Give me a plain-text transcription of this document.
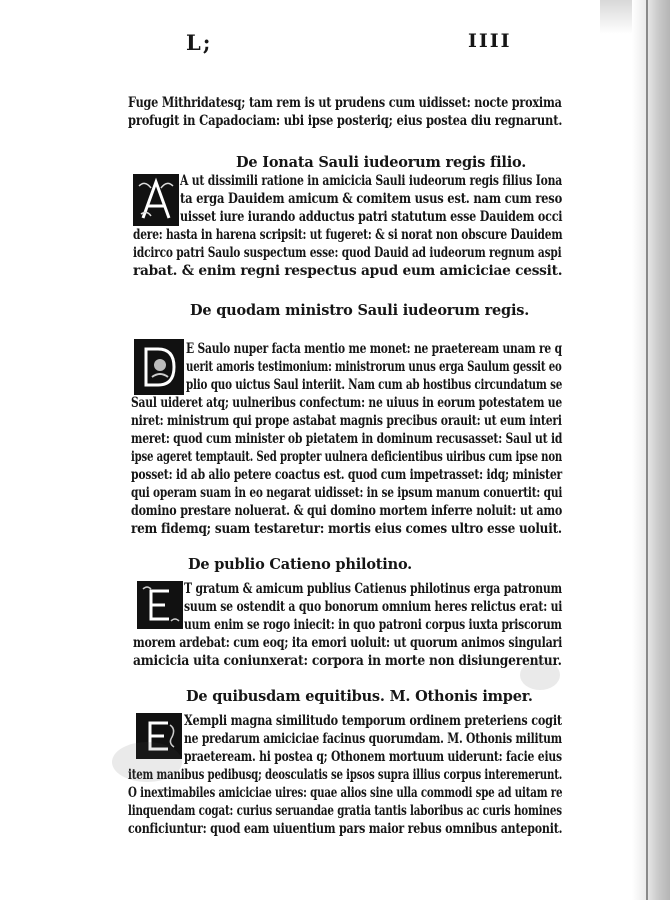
L;	IIII
Fuge Mithridatesq; tam rem is ut prudens cum uidisset: nocte proxima
profugit in Capadociam: ubi ipse posteriq; eius postea diu regnarunt.
De Ionata Sauli iudeorum regis filio.
A ut dissimili ratione in amicicia Sauli iudeorum regis filius Iona
ta erga Dauidem amicum & comitem usus est. nam cum reso
uisset iure iurando adductus patri statutum esse Dauidem occi
dere: hasta in harena scripsit: ut fugeret: & si norat non obscure Dauidem
idcirco patri Saulo suspectum esse: quod Dauid ad iudeorum regnum aspi
rabat. & enim regni respectus apud eum amiciciae cessit.
De quodam ministro Sauli iudeorum regis.
E Saulo nuper facta mentio me monet: ne praeteream unam re q
uerit amoris testimonium: ministrorum unus erga Saulum gessit eo
plio quo uictus Saul interiit. Nam cum ab hostibus circundatum se
Saul uideret atq; uulneribus confectum: ne uiuus in eorum potestatem ue
niret: ministrum qui prope astabat magnis precibus orauit: ut eum interi
meret: quod cum minister ob pietatem in dominum recusasset: Saul ut id
ipse ageret temptauit. Sed propter uulnera deficientibus uiribus cum ipse non
posset: id ab alio petere coactus est. quod cum impetrasset: idq; minister
qui operam suam in eo negarat uidisset: in se ipsum manum conuertit: qui
domino prestare noluerat. & qui domino mortem inferre noluit: ut amo
rem fidemq; suam testaretur: mortis eius comes ultro esse uoluit.
De publio Catieno philotino.
T gratum & amicum publius Catienus philotinus erga patronum
suum se ostendit a quo bonorum omnium heres relictus erat: ui
uum enim se rogo iniecit: in quo patroni corpus iuxta priscorum
morem ardebat: cum eoq; ita emori uoluit: ut quorum animos singulari
amicicia uita coniunxerat: corpora in morte non disiungerentur.
De quibusdam equitibus. M. Othonis imper.
Xempli magna similitudo temporum ordinem preteriens cogit
ne predarum amiciciae facinus quorumdam. M. Othonis militum
praeteream. hi postea q; Othonem mortuum uiderunt: facie eius
item manibus pedibusq; deosculatis se ipsos supra illius corpus interemerunt.
O inextimabiles amiciciae uires: quae alios sine ulla commodi spe ad uitam re
linquendam cogat: curius seruandae gratia tantis laboribus ac curis homines
conficiuntur: quod eam uiuentium pars maior rebus omnibus anteponit.
